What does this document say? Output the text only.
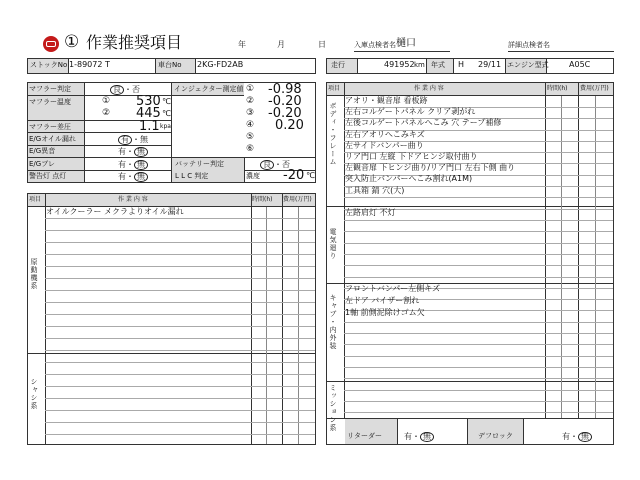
① 作業推奨項目	年	月	日	入庫点検者名 樋口	詳細点検者名
ストックNo 1-89072 T	車台No 2KG-FD2AB	走行	491952 km 年式 H 29/11 エンジン型式	A05C
マフラー判定	良 ・否
マフラー温度	① 530 ℃
② 445 ℃
マフラー差圧	1.1 kpa
E/Gオイル漏れ	有 ・無
E/G異音	有・ 無
E/Gブレ	有・ 無
警告灯 点灯	有・ 無
インジェクター測定値 ① -0.98
② -0.20
③ -0.20
④ 0.20
⑤
⑥
バッテリー判定	良 ・否
L L C 判定	濃度 -20 ℃
項目	作 業 内 容	時間(h) 費用(万円)
オイルクーラー メクラよりオイル漏れ
原動機系
シャシ系
項目	作 業 内 容	時間(h) 費用(万円)
ボディ・フレーム
アオリ・観音扉 看板跡
左右コルゲートパネル クリア剥がれ
左後コルゲートパネルへこみ 穴 テープ補修
左右アオリへこみキズ
左サイドバンパー曲り
リア門口 左縦 下ドアヒンジ取付曲り
左観音扉 下ヒンジ曲り/リア門口 左右下側 曲り
突入防止バンパーへこみ割れ(A1M)
工具箱 錆 穴(大)
電気廻り
左路肩灯 不灯
キャブ・内外装
フロントバンパー左側キズ
左ドア バイザー割れ
1軸 前側泥除けゴム欠
ミッション系
リターダー	有・ 無	デフロック	有・ 無
